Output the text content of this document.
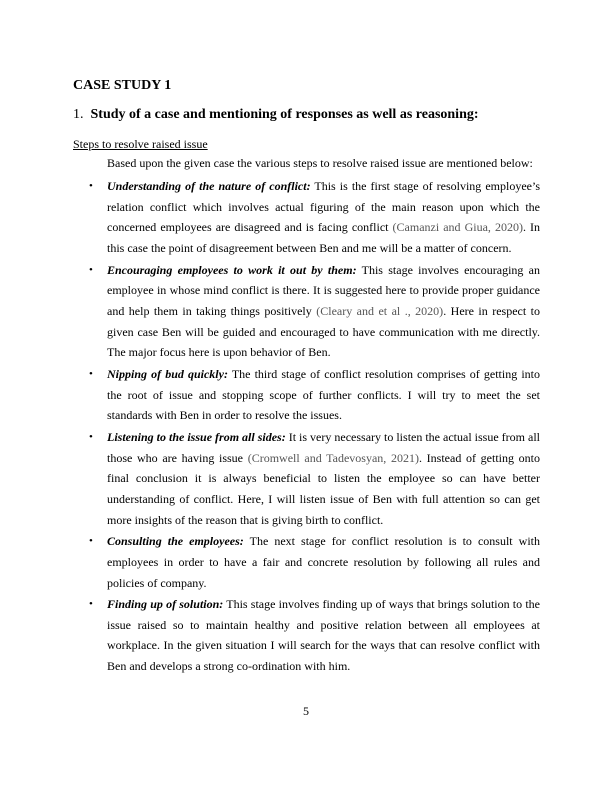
CASE STUDY 1
1. Study of a case and mentioning of responses as well as reasoning:

Steps to resolve raised issue

Based upon the given case the various steps to resolve raised issue are mentioned below:

• Understanding of the nature of conflict: This is the first stage of resolving employee’s relation conflict which involves actual figuring of the main reason upon which the concerned employees are disagreed and is facing conflict (Camanzi and Giua, 2020). In this case the point of disagreement between Ben and me will be a matter of concern.
• Encouraging employees to work it out by them: This stage involves encouraging an employee in whose mind conflict is there. It is suggested here to provide proper guidance and help them in taking things positively (Cleary and et al ., 2020). Here in respect to given case Ben will be guided and encouraged to have communication with me directly. The major focus here is upon behavior of Ben.
• Nipping of bud quickly: The third stage of conflict resolution comprises of getting into the root of issue and stopping scope of further conflicts. I will try to meet the set standards with Ben in order to resolve the issues.
• Listening to the issue from all sides: It is very necessary to listen the actual issue from all those who are having issue (Cromwell and Tadevosyan, 2021). Instead of getting onto final conclusion it is always beneficial to listen the employee so can have better understanding of conflict. Here, I will listen issue of Ben with full attention so can get more insights of the reason that is giving birth to conflict.
• Consulting the employees: The next stage for conflict resolution is to consult with employees in order to have a fair and concrete resolution by following all rules and policies of company.
• Finding up of solution: This stage involves finding up of ways that brings solution to the issue raised so to maintain healthy and positive relation between all employees at workplace. In the given situation I will search for the ways that can resolve conflict with Ben and develops a strong co-ordination with him.

5
